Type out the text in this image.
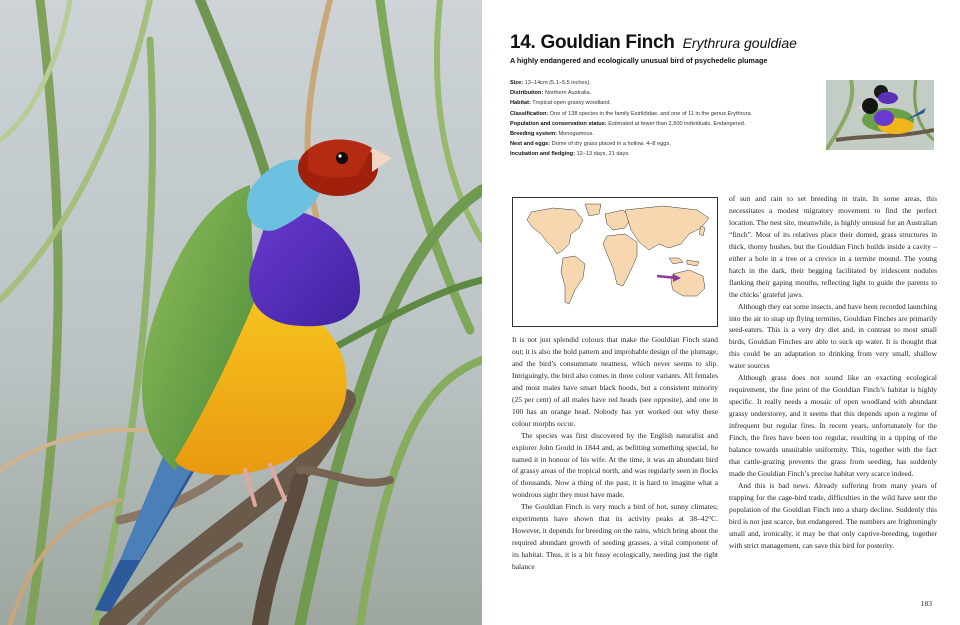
14. Gouldian Finch Erythrura gouldiae
A highly endangered and ecologically unusual bird of psychedelic plumage
Size: 13–14cm (5.1–5.5 inches).
Distribution: Northern Australia.
Habitat: Tropical open grassy woodland.
Classification: One of 138 species in the family Estrildidae, and one of 11 in the genus Erythrura.
Population and conservation status: Estimated at fewer than 2,500 individuals. Endangered.
Breeding system: Monogamous.
Nest and eggs: Dome of dry grass placed in a hollow. 4–8 eggs.
Incubation and fledging: 12–13 days, 21 days.

It is not just splendid colours that make the Gouldian Finch stand out; it is also the bold pattern and improbable design of the plumage, and the bird’s consummate neatness, which never seems to slip. Intriguingly, the bird also comes in three colour variants. All females and most males have smart black hoods, but a consistent minority (25 per cent) of all males have red heads (see opposite), and one in 100 has an orange head. Nobody has yet worked out why these colour morphs occur.

The species was first discovered by the English naturalist and explorer John Gould in 1844 and, as befitting something special, he named it in honour of his wife. At the time, it was an abundant bird of grassy areas of the tropical north, and was regularly seen in flocks of thousands. Now a thing of the past, it is hard to imagine what a wondrous sight they must have made.

The Gouldian Finch is very much a bird of hot, sunny climates; experiments have shown that its activity peaks at 38–42°C. However, it depends for breeding on the rains, which bring about the required abundant growth of seeding grasses, a vital component of its habitat. Thus, it is a bit fussy ecologically, needing just the right balance

of sun and rain to set breeding in train. In some areas, this necessitates a modest migratory movement to find the perfect location. The nest site, meanwhile, is highly unusual for an Australian “finch”. Most of its relatives place their domed, grass structures in thick, thorny bushes, but the Gouldian Finch builds inside a cavity – either a hole in a tree or a crevice in a termite mound. The young hatch in the dark, their begging facilitated by iridescent nodules flanking their gaping mouths, reflecting light to guide the parents to the chicks’ grateful jaws.

Although they eat some insects, and have been recorded launching into the air to snap up flying termites, Gouldian Finches are primarily seed-eaters. This is a very dry diet and, in contrast to most small birds, Gouldian Finches are able to suck up water. It is thought that this could be an adaptation to drinking from very small, shallow water sources

Although grass does not sound like an exacting ecological requirement, the fine print of the Gouldian Finch’s habitat is highly specific. It really needs a mosaic of open woodland with abundant grassy understorey, and it seems that this depends upon a regime of infrequent but regular fires. In recent years, unfortunately for the Finch, the fires have been too regular, resulting in a tipping of the balance towards unsuitable uniformity. This, together with the fact that cattle-grazing prevents the grass from seeding, has suddenly made the Gouldian Finch’s precise habitat very scarce indeed.

And this is bad news. Already suffering from many years of trapping for the cage-bird trade, difficulties in the wild have sent the population of the Gouldian Finch into a sharp decline. Suddenly this bird is not just scarce, but endangered. The numbers are frighteningly small and, ironically, it may be that only captive-breeding, together with strict management, can save this bird for posterity.

183
